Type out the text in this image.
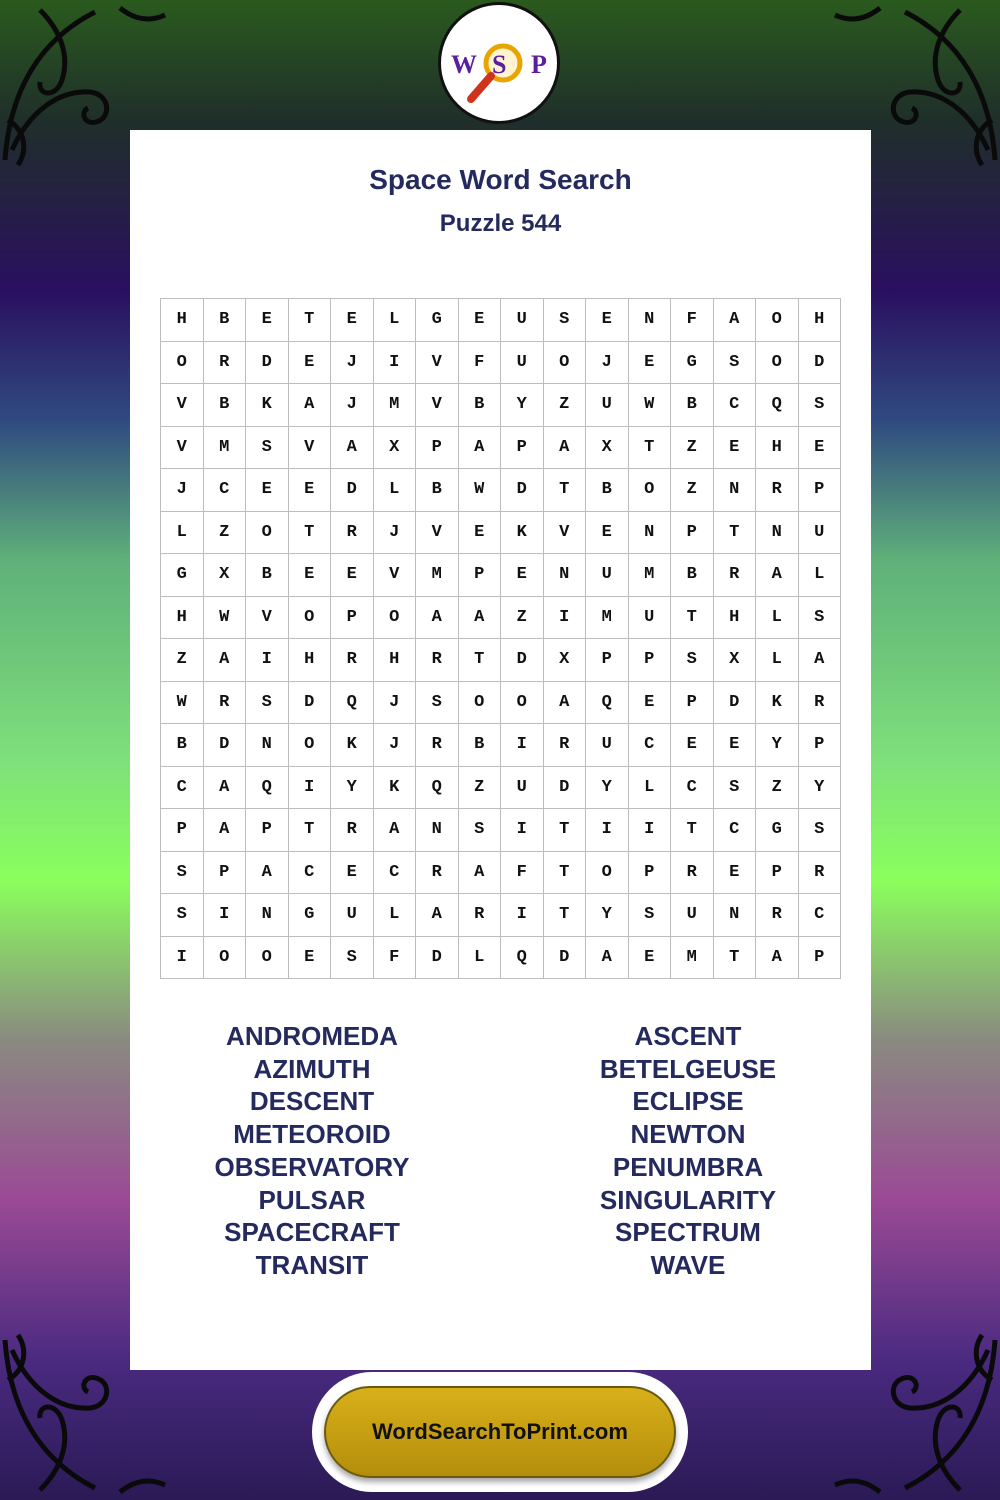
W S P
Space Word Search
Puzzle 544
H	B	E	T	E	L	G	E	U	S	E	N	F	A	O	H
O	R	D	E	J	I	V	F	U	O	J	E	G	S	O	D
V	B	K	A	J	M	V	B	Y	Z	U	W	B	C	Q	S
V	M	S	V	A	X	P	A	P	A	X	T	Z	E	H	E
J	C	E	E	D	L	B	W	D	T	B	O	Z	N	R	P
L	Z	O	T	R	J	V	E	K	V	E	N	P	T	N	U
G	X	B	E	E	V	M	P	E	N	U	M	B	R	A	L
H	W	V	O	P	O	A	A	Z	I	M	U	T	H	L	S
Z	A	I	H	R	H	R	T	D	X	P	P	S	X	L	A
W	R	S	D	Q	J	S	O	O	A	Q	E	P	D	K	R
B	D	N	O	K	J	R	B	I	R	U	C	E	E	Y	P
C	A	Q	I	Y	K	Q	Z	U	D	Y	L	C	S	Z	Y
P	A	P	T	R	A	N	S	I	T	I	I	T	C	G	S
S	P	A	C	E	C	R	A	F	T	O	P	R	E	P	R
S	I	N	G	U	L	A	R	I	T	Y	S	U	N	R	C
I	O	O	E	S	F	D	L	Q	D	A	E	M	T	A	P
ANDROMEDA
AZIMUTH
DESCENT
METEOROID
OBSERVATORY
PULSAR
SPACECRAFT
TRANSIT
ASCENT
BETELGEUSE
ECLIPSE
NEWTON
PENUMBRA
SINGULARITY
SPECTRUM
WAVE
WordSearchToPrint.com
